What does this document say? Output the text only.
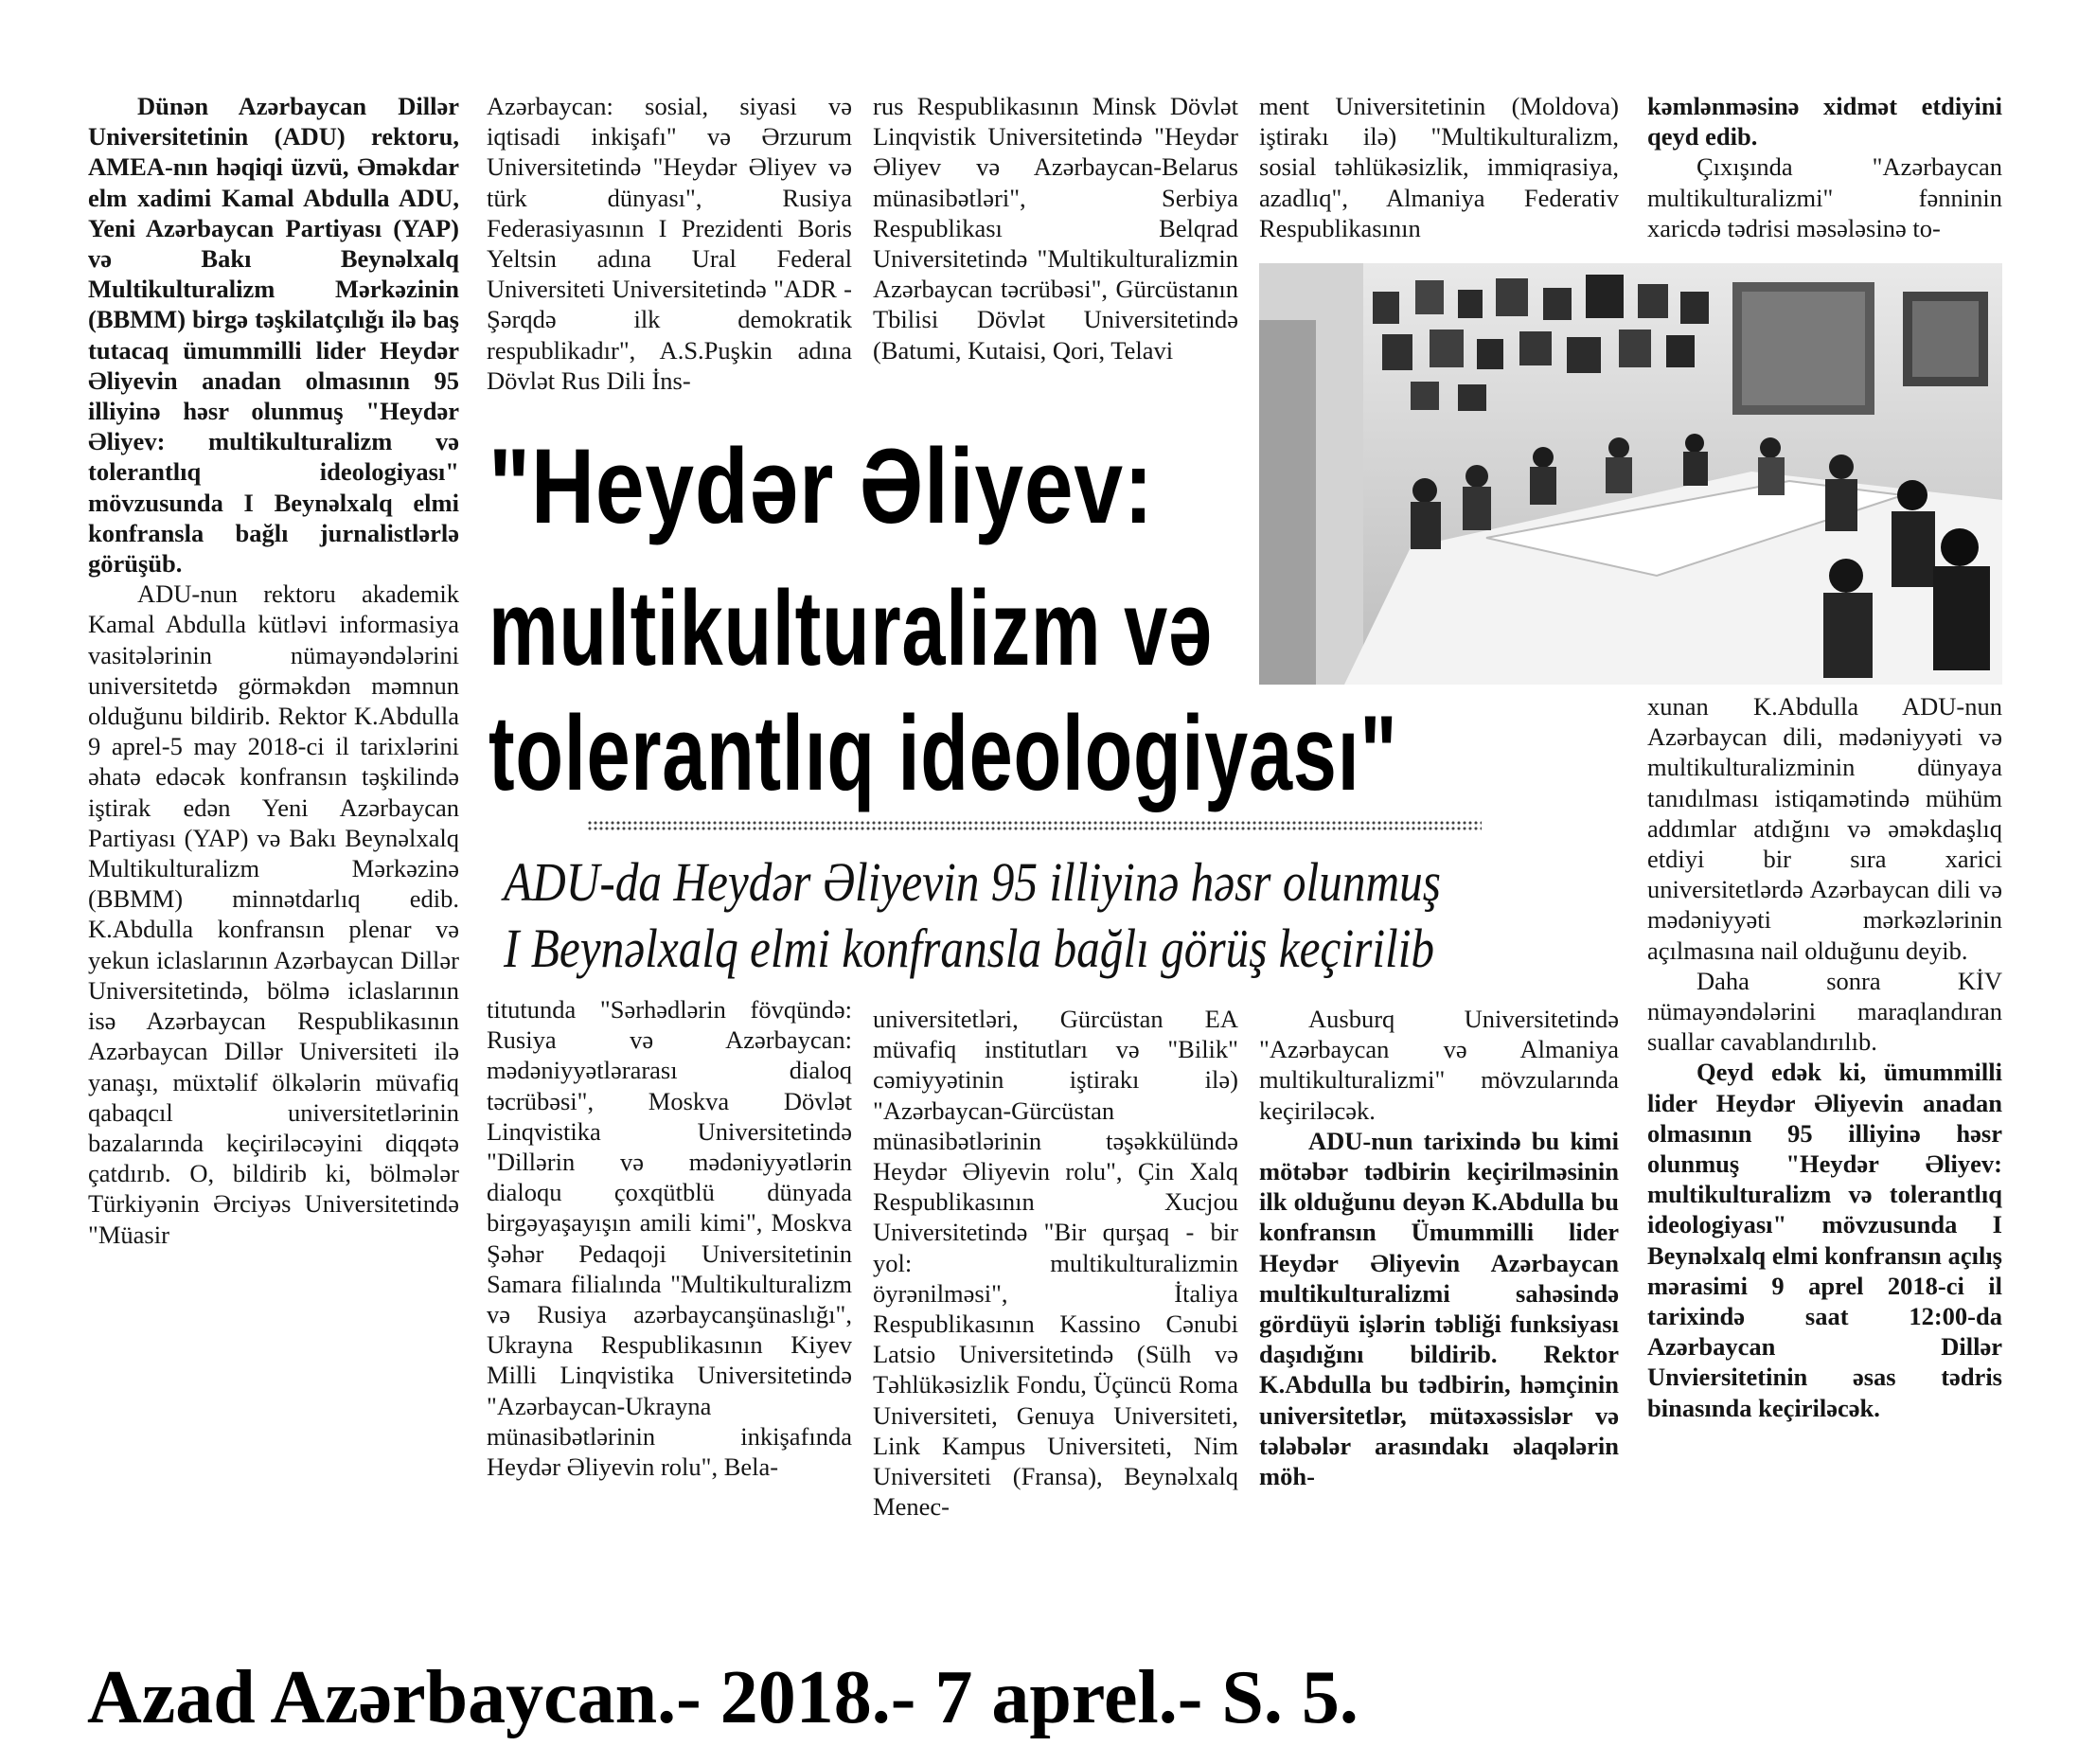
Dünən Azərbaycan Dillər Universitetinin (ADU) rektoru, AMEA-nın həqiqi üzvü, Əməkdar elm xadimi Kamal Abdulla ADU, Yeni Azərbaycan Partiyası (YAP) və Bakı Beynəlxalq Multikulturalizm Mərkəzinin (BBMM) birgə təşkilatçılığı ilə baş tutacaq ümummilli lider Heydər Əliyevin anadan olmasının 95 illiyinə həsr olunmuş "Heydər Əliyev: multikulturalizm və tolerantlıq ideologiyası" mövzusunda I Beynəlxalq elmi konfransla bağlı jurnalistlərlə görüşüb.

ADU-nun rektoru akademik Kamal Abdulla kütləvi informasiya vasitələrinin nümayəndələrini universitetdə görməkdən məmnun olduğunu bildirib. Rektor K.Abdulla 9 aprel-5 may 2018-ci il tarixlərini əhatə edəcək konfransın təşkilində iştirak edən Yeni Azərbaycan Partiyası (YAP) və Bakı Beynəlxalq Multikulturalizm Mərkəzinə (BBMM) minnətdarlıq edib. K.Abdulla konfransın plenar və yekun iclaslarının Azərbaycan Dillər Universitetində, bölmə iclaslarının isə Azərbaycan Respublikasının Azərbaycan Dillər Universiteti ilə yanaşı, müxtəlif ölkələrin müvafiq qabaqcıl universitetlərinin bazalarında keçiriləcəyini diqqətə çatdırıb. O, bildirib ki, bölmələr Türkiyənin Ərciyəs Universitetində "Müasir

Azərbaycan: sosial, siyasi və iqtisadi inkişafı" və Ərzurum Universitetində "Heydər Əliyev və türk dünyası", Rusiya Federasiyasının I Prezidenti Boris Yeltsin adına Ural Federal Universiteti Universitetində "ADR - Şərqdə ilk demokratik respublikadır", A.S.Puşkin adına Dövlət Rus Dili İns-

rus Respublikasının Minsk Dövlət Linqvistik Universitetində "Heydər Əliyev və Azərbaycan-Belarus münasibətləri", Serbiya Respublikası Belqrad Universitetində "Multikulturalizmin Azərbaycan təcrübəsi", Gürcüstanın Tbilisi Dövlət Universitetində (Batumi, Kutaisi, Qori, Telavi

ment Universitetinin (Moldova) iştirakı ilə) "Multikulturalizm, sosial təhlükəsizlik, immiqrasiya, azadlıq", Almaniya Federativ Respublikasının

kəmlənməsinə xidmət etdiyini qeyd edib.

Çıxışında "Azərbaycan multikulturalizmi" fənninin xaricdə tədrisi məsələsinə to-

"Heydər Əliyev:
multikulturalizm və
tolerantlıq ideologiyası"
ADU-da Heydər Əliyevin 95 illiyinə həsr olunmuş
I Beynəlxalq elmi konfransla bağlı görüş keçirilib

titutunda "Sərhədlərin fövqündə: Rusiya və Azərbaycan: mədəniyyətlərarası dialoq təcrübəsi", Moskva Dövlət Linqvistika Universitetində "Dillərin və mədəniyyətlərin dialoqu çoxqütblü dünyada birgəyaşayışın amili kimi", Moskva Şəhər Pedaqoji Universitetinin Samara filialında "Multikulturalizm və Rusiya azərbaycanşünaslığı", Ukrayna Respublikasının Kiyev Milli Linqvistika Universitetində "Azərbaycan-Ukrayna münasibətlərinin inkişafında Heydər Əliyevin rolu", Bela-

universitetləri, Gürcüstan EA müvafiq institutları və "Bilik" cəmiyyətinin iştirakı ilə) "Azərbaycan-Gürcüstan münasibətlərinin təşəkkülündə Heydər Əliyevin rolu", Çin Xalq Respublikasının Xucjou Universitetində "Bir qurşaq - bir yol: multikulturalizmin öyrənilməsi", İtaliya Respublikasının Kassino Cənubi Latsio Universitetində (Sülh və Təhlükəsizlik Fondu, Üçüncü Roma Universiteti, Genuya Universiteti, Link Kampus Universiteti, Nim Universiteti (Fransa), Beynəlxalq Menec-

Ausburq Universitetində "Azərbaycan və Almaniya multikulturalizmi" mövzularında keçiriləcək.

ADU-nun tarixində bu kimi mötəbər tədbirin keçirilməsinin ilk olduğunu deyən K.Abdulla bu konfransın Ümummilli lider Heydər Əliyevin Azərbaycan multikulturalizmi sahəsində gördüyü işlərin təbliği funksiyası daşıdığını bildirib. Rektor K.Abdulla bu tədbirin, həmçinin universitetlər, mütəxəssislər və tələbələr arasındakı əlaqələrin möh-

xunan K.Abdulla ADU-nun Azərbaycan dili, mədəniyyəti və multikulturalizminin dünyaya tanıdılması istiqamətində mühüm addımlar atdığını və əməkdaşlıq etdiyi bir sıra xarici universitetlərdə Azərbaycan dili və mədəniyyəti mərkəzlərinin açılmasına nail olduğunu deyib.

Daha sonra KİV nümayəndələrini maraqlandıran suallar cavablandırılıb.

Qeyd edək ki, ümummilli lider Heydər Əliyevin anadan olmasının 95 illiyinə həsr olunmuş "Heydər Əliyev: multikulturalizm və tolerantlıq ideologiyası" mövzusunda I Beynəlxalq elmi konfransın açılış mərasimi 9 aprel 2018-ci il tarixində saat 12:00-da Azərbaycan Dillər Unviersitetinin əsas tədris binasında keçiriləcək.

Azad Azərbaycan.- 2018.- 7 aprel.- S. 5.
